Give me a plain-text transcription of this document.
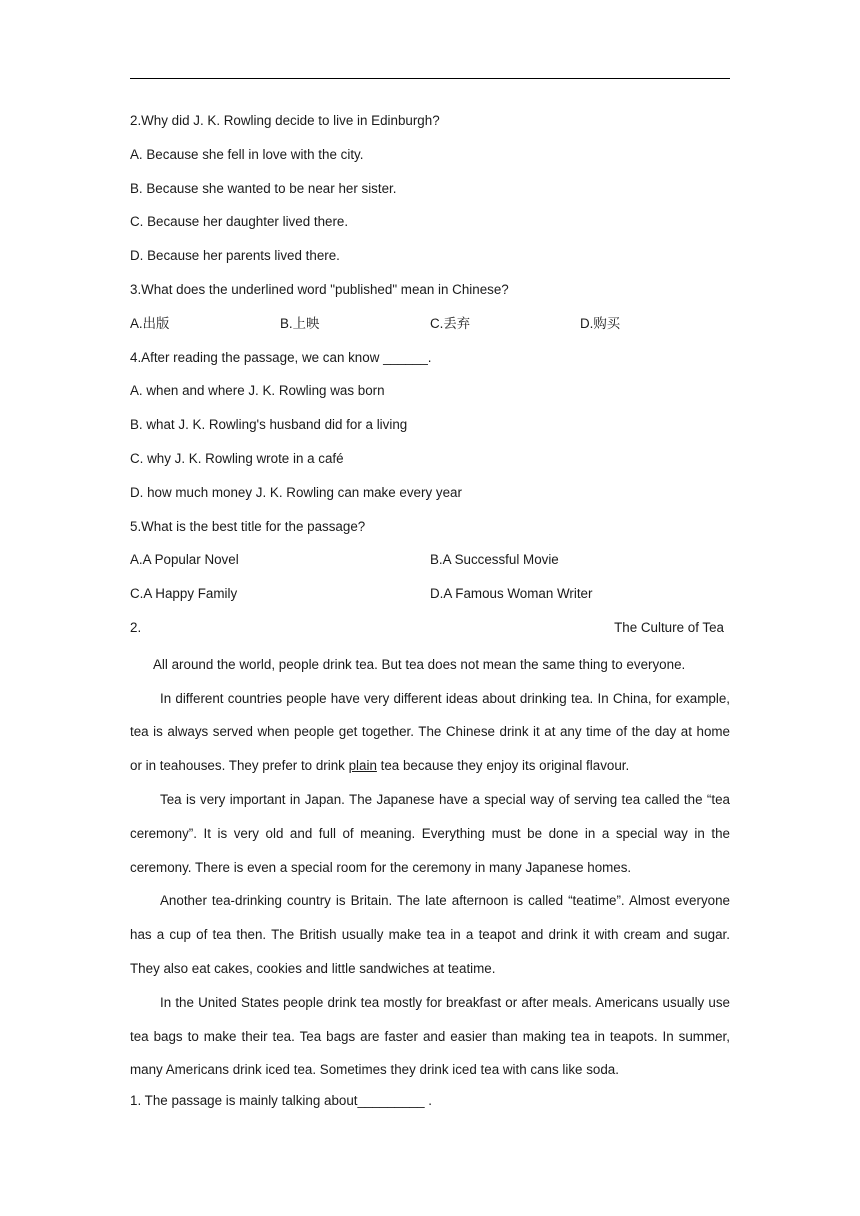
2.Why did J. K. Rowling decide to live in Edinburgh?
A. Because she fell in love with the city.
B. Because she wanted to be near her sister.
C. Because her daughter lived there.
D. Because her parents lived there.
3.What does the underlined word "published" mean in Chinese?
A.出版	B.上映	C.丢弃	D.购买
4.After reading the passage, we can know ______.
A. when and where J. K. Rowling was born
B. what J. K. Rowling's husband did for a living
C. why J. K. Rowling wrote in a café
D. how much money J. K. Rowling can make every year
5.What is the best title for the passage?
A.A Popular Novel	B.A Successful Movie
C.A Happy Family	D.A Famous Woman Writer
2.	The Culture of Tea

All around the world, people drink tea. But tea does not mean the same thing to everyone.

In different countries people have very different ideas about drinking tea. In China, for example, tea is always served when people get together. The Chinese drink it at any time of the day at home or in teahouses. They prefer to drink plain tea because they enjoy its original flavour.

Tea is very important in Japan. The Japanese have a special way of serving tea called the “tea ceremony”. It is very old and full of meaning. Everything must be done in a special way in the ceremony. There is even a special room for the ceremony in many Japanese homes.

Another tea-drinking country is Britain. The late afternoon is called “teatime”. Almost everyone has a cup of tea then. The British usually make tea in a teapot and drink it with cream and sugar. They also eat cakes, cookies and little sandwiches at teatime.

In the United States people drink tea mostly for breakfast or after meals. Americans usually use tea bags to make their tea. Tea bags are faster and easier than making tea in teapots. In summer, many Americans drink iced tea. Sometimes they drink iced tea with cans like soda.

1. The passage is mainly talking about_________ .
